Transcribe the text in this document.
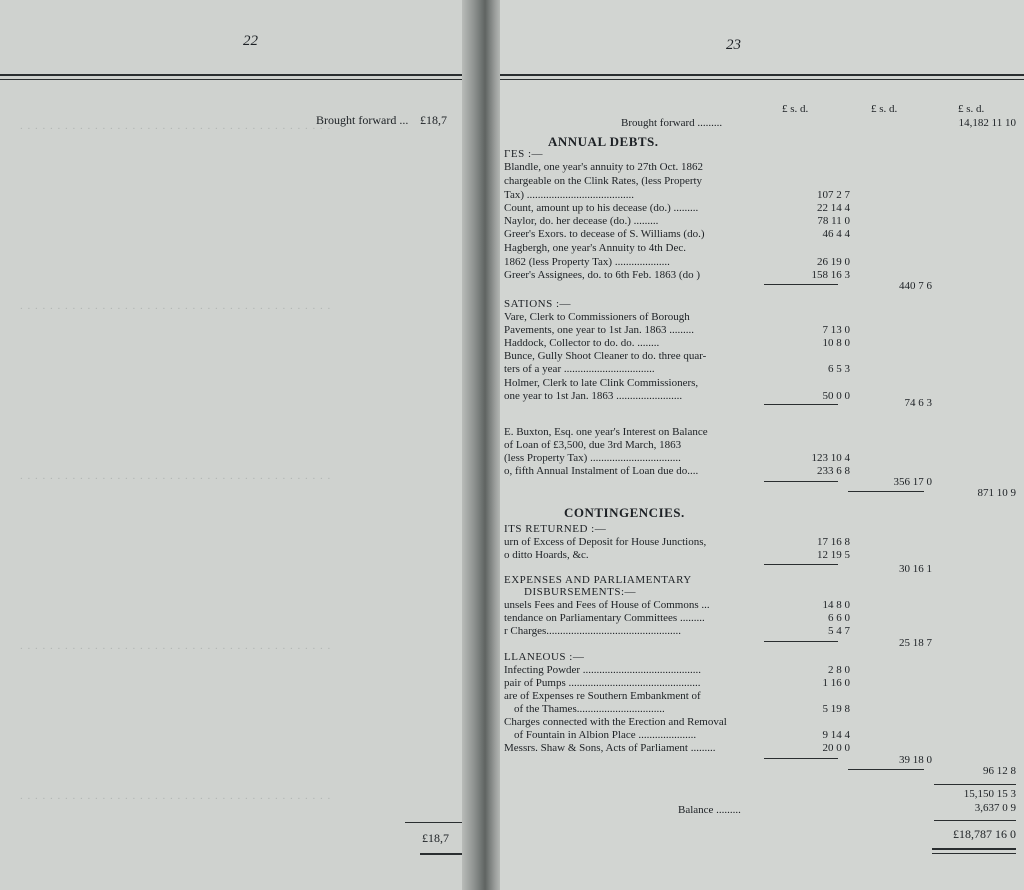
. . . . . . . . . . . . . . . . . . . . . . . . . . . . . . . . . . . . . . . . . .
. . . . . . . . . . . . . . . . . . . . . . . . . . . . . . . . . . . . . . . . . .
. . . . . . . . . . . . . . . . . . . . . . . . . . . . . . . . . . . . . . . . . .
. . . . . . . . . . . . . . . . . . . . . . . . . . . . . . . . . . . . . . . . . .
. . . . . . . . . . . . . . . . . . . . . . . . . . . . . . . . . . . . . . . . . .
22
Brought forward ... £18,7
£18,7
23
£ s. d.	£ s. d.	£ s. d.
Brought forward .........	14,182 11 10
ANNUAL DEBTS.
ΓES :—
Blandle, one year's annuity to 27th Oct. 1862
chargeable on the Clink Rates, (less Property
Tax) .......................................	107 2 7
Count, amount up to his decease (do.) .........	22 14 4
Naylor, do. her decease (do.) .........	78 11 0
Greer's Exors. to decease of S. Williams (do.)	46 4 4
Hagbergh, one year's Annuity to 4th Dec.
1862 (less Property Tax) ....................	26 19 0
Greer's Assignees, do. to 6th Feb. 1863 (do )	158 16 3
440 7 6
SATIONS :—
Vare, Clerk to Commissioners of Borough
Pavements, one year to 1st Jan. 1863 .........	7 13 0
Haddock, Collector to do. do. ........	10 8 0
Bunce, Gully Shoot Cleaner to do. three quar-
ters of a year .................................	6 5 3
Holmer, Clerk to late Clink Commissioners,
one year to 1st Jan. 1863 ........................	50 0 0
74 6 3
E. Buxton, Esq. one year's Interest on Balance
of Loan of £3,500, due 3rd March, 1863
(less Property Tax) .................................	123 10 4
o, fifth Annual Instalment of Loan due do....	233 6 8
356 17 0
871 10 9
CONTINGENCIES.
ITS RETURNED :—
urn of Excess of Deposit for House Junctions,	17 16 8
o ditto Hoards, &c.	12 19 5
30 16 1
EXPENSES AND PARLIAMENTARY
DISBURSEMENTS:—
unsels Fees and Fees of House of Commons ...	14 8 0
tendance on Parliamentary Committees .........	6 6 0
r Charges.................................................	5 4 7
25 18 7
LLANEOUS :—
Infecting Powder ...........................................	2 8 0
pair of Pumps ................................................	1 16 0
are of Expenses re Southern Embankment of
of the Thames................................	5 19 8
Charges connected with the Erection and Removal
of Fountain in Albion Place .....................	9 14 4
Messrs. Shaw & Sons, Acts of Parliament .........	20 0 0
39 18 0
96 12 8
15,150 15 3
Balance .........	3,637 0 9
£18,787 16 0
